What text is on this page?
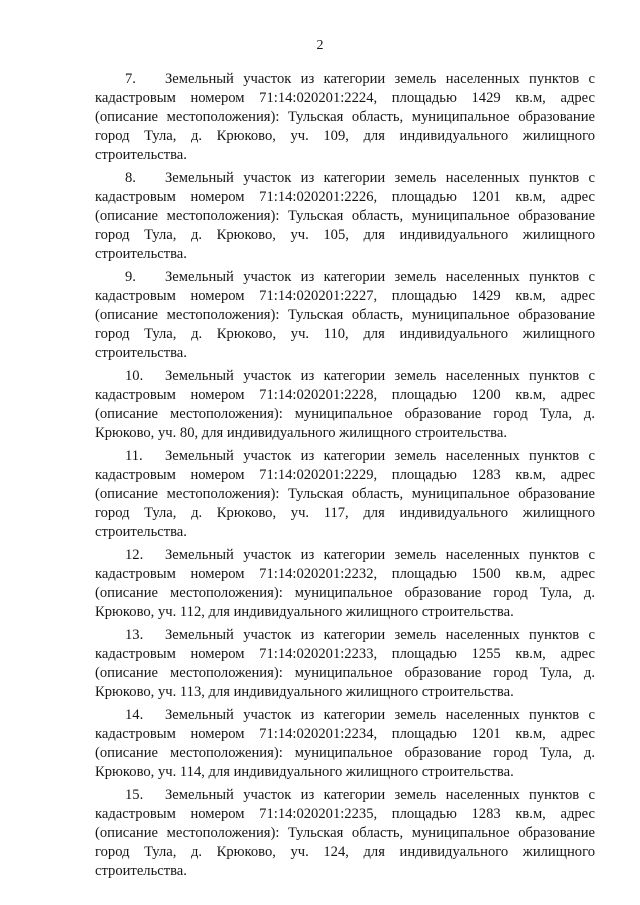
2

7. Земельный участок из категории земель населенных пунктов с кадастровым номером 71:14:020201:2224, площадью 1429 кв.м, адрес (описание местоположения): Тульская область, муниципальное образование город Тула, д. Крюково, уч. 109, для индивидуального жилищного строительства.

8. Земельный участок из категории земель населенных пунктов с кадастровым номером 71:14:020201:2226, площадью 1201 кв.м, адрес (описание местоположения): Тульская область, муниципальное образование город Тула, д. Крюково, уч. 105, для индивидуального жилищного строительства.

9. Земельный участок из категории земель населенных пунктов с кадастровым номером 71:14:020201:2227, площадью 1429 кв.м, адрес (описание местоположения): Тульская область, муниципальное образование город Тула, д. Крюково, уч. 110, для индивидуального жилищного строительства.

10. Земельный участок из категории земель населенных пунктов с кадастровым номером 71:14:020201:2228, площадью 1200 кв.м, адрес (описание местоположения): муниципальное образование город Тула, д. Крюково, уч. 80, для индивидуального жилищного строительства.

11. Земельный участок из категории земель населенных пунктов с кадастровым номером 71:14:020201:2229, площадью 1283 кв.м, адрес (описание местоположения): Тульская область, муниципальное образование город Тула, д. Крюково, уч. 117, для индивидуального жилищного строительства.

12. Земельный участок из категории земель населенных пунктов с кадастровым номером 71:14:020201:2232, площадью 1500 кв.м, адрес (описание местоположения): муниципальное образование город Тула, д. Крюково, уч. 112, для индивидуального жилищного строительства.

13. Земельный участок из категории земель населенных пунктов с кадастровым номером 71:14:020201:2233, площадью 1255 кв.м, адрес (описание местоположения): муниципальное образование город Тула, д. Крюково, уч. 113, для индивидуального жилищного строительства.

14. Земельный участок из категории земель населенных пунктов с кадастровым номером 71:14:020201:2234, площадью 1201 кв.м, адрес (описание местоположения): муниципальное образование город Тула, д. Крюково, уч. 114, для индивидуального жилищного строительства.

15. Земельный участок из категории земель населенных пунктов с кадастровым номером 71:14:020201:2235, площадью 1283 кв.м, адрес (описание местоположения): Тульская область, муниципальное образование город Тула, д. Крюково, уч. 124, для индивидуального жилищного строительства.
